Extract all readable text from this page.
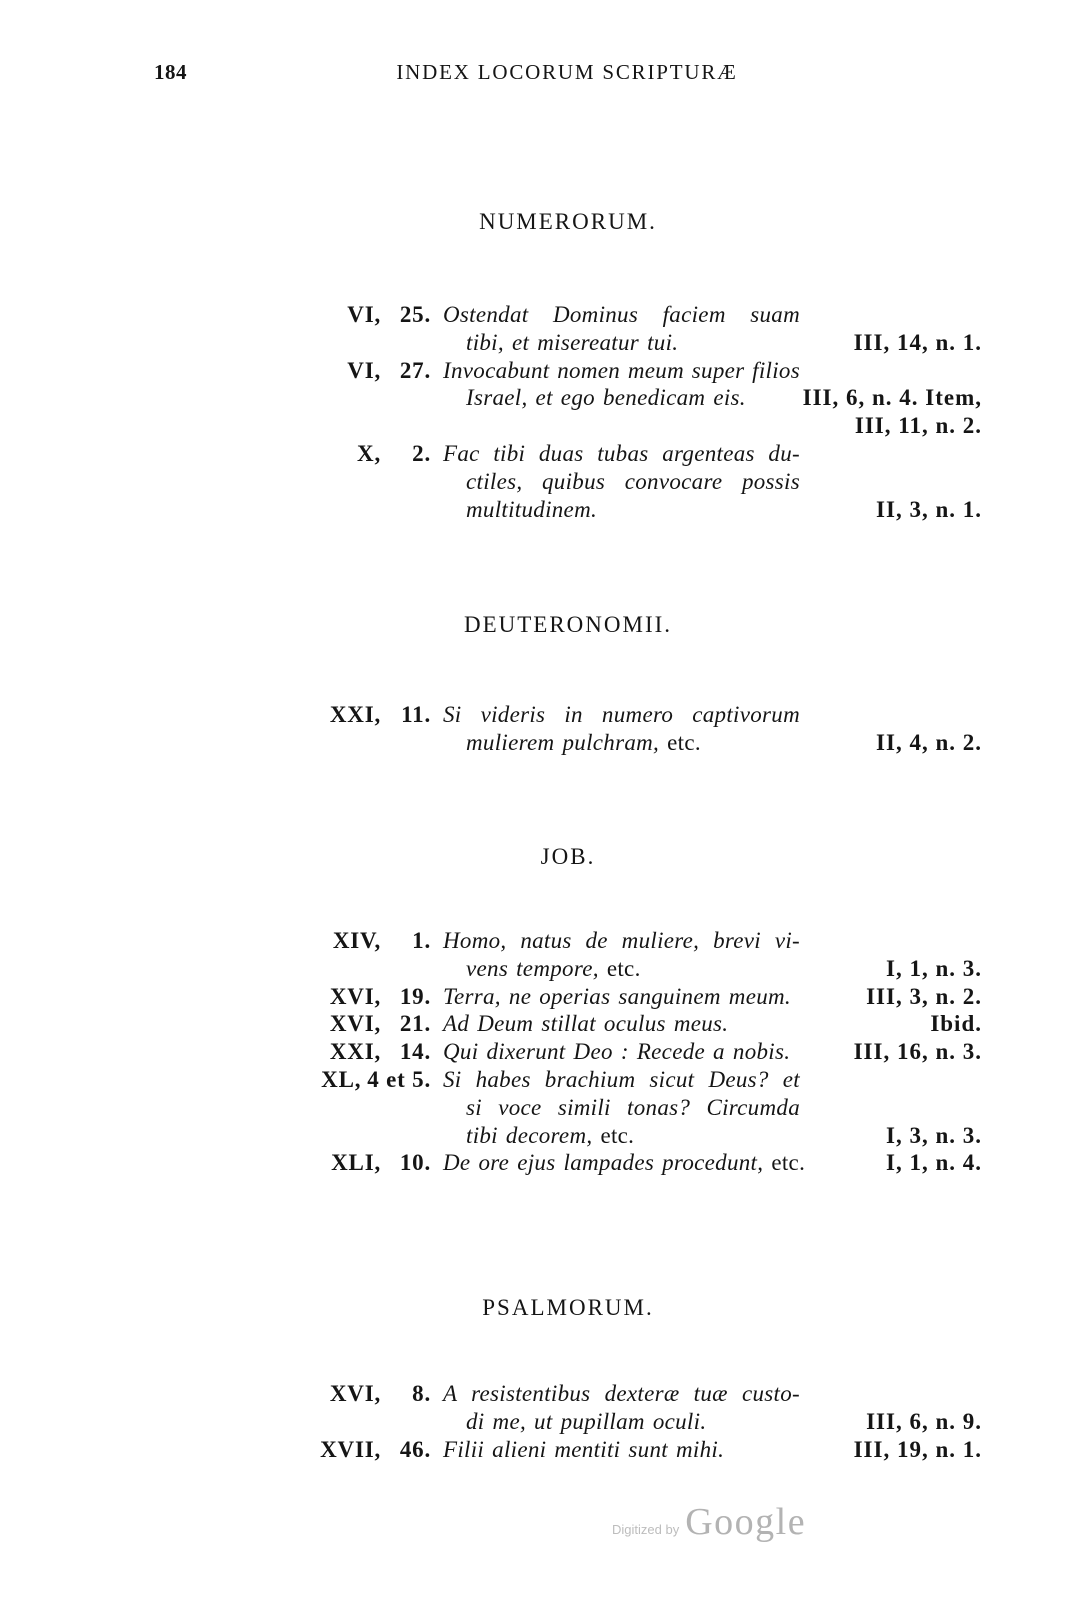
184	INDEX LOCORUM SCRIPTURÆ
NUMERORUM.
VI, 25. Ostendat Dominus faciem suam
tibi, et misereatur tui.	III, 14, n. 1.
VI, 27. Invocabunt nomen meum super filios
Israel, et ego benedicam eis.	III, 6, n. 4. Item,
III, 11, n. 2.
X,	2. Fac tibi duas tubas argenteas du-
ctiles, quibus convocare possis
multitudinem.	II, 3, n. 1.
DEUTERONOMII.
XXI, 11. Si videris in numero captivorum
mulierem pulchram, etc.	II, 4, n. 2.
JOB.
XIV,	1. Homo, natus de muliere, brevi vi-
vens tempore, etc.	I, 1, n. 3.
XVI, 19. Terra, ne operias sanguinem meum.	III, 3, n. 2.
XVI, 21. Ad Deum stillat oculus meus.	Ibid.
XXI, 14. Qui dixerunt Deo : Recede a nobis.	III, 16, n. 3.
XL, 4 et 5. Si habes brachium sicut Deus? et
si voce simili tonas? Circumda
tibi decorem, etc.	I, 3, n. 3.
XLI, 10. De ore ejus lampades procedunt, etc.	I, 1, n. 4.
PSALMORUM.
XVI,	8. A resistentibus dexteræ tuæ custo-
di me, ut pupillam oculi.	III, 6, n. 9.
XVII, 46. Filii alieni mentiti sunt mihi.	III, 19, n. 1.
Digitized by Google
